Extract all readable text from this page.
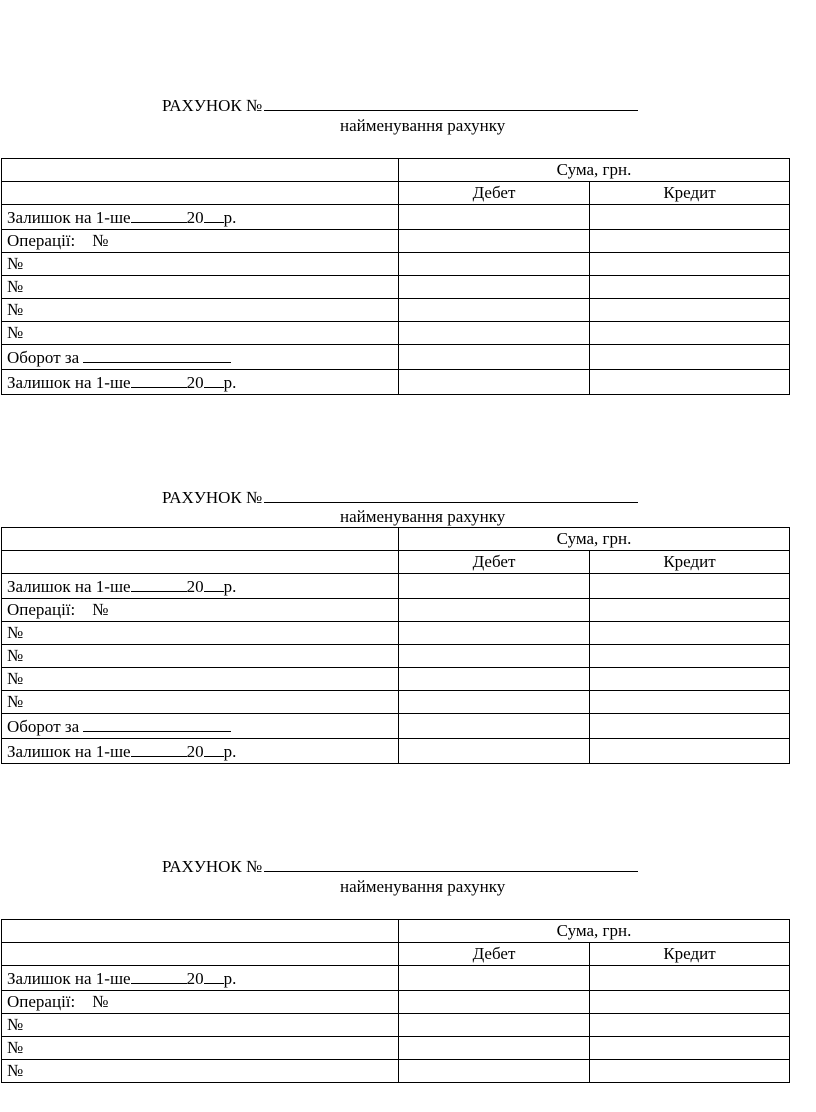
РАХУНОК №
найменування рахунку
	Сума, грн.	
	Дебет	Кредит
Залишок на 1-ше 20 р.		
Операції: №		
№		
№		
№		
№		
Оборот за		
Залишок на 1-ше 20 р.		
РАХУНОК №
найменування рахунку
	Сума, грн.	
	Дебет	Кредит
Залишок на 1-ше 20 р.		
Операції: №		
№		
№		
№		
№		
Оборот за		
Залишок на 1-ше 20 р.		
РАХУНОК №
найменування рахунку
	Сума, грн.	
	Дебет	Кредит
Залишок на 1-ше 20 р.		
Операції: №		
№		
№		
№		
